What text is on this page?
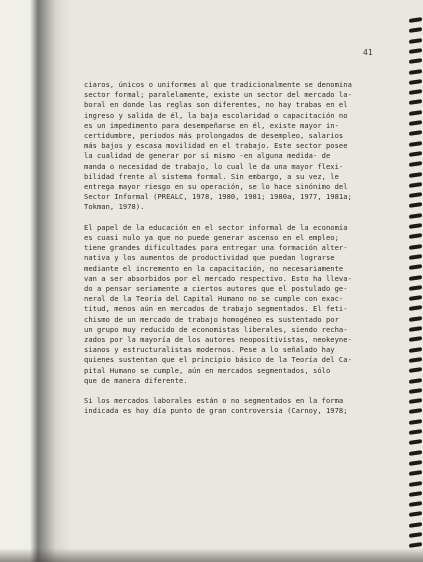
41
ciaros, únicos o uniformes al que tradicionalmente se denomina
sector formal; paralelamente, existe un sector del mercado la-
boral en donde las reglas son diferentes, no hay trabas en el
ingreso y salida de él, la baja escolaridad o capacitación no
es un impedimento para desempeñarse en él, existe mayor in-
certidumbre, períodos más prolongados de desempleo, salarios
más bajos y escasa movilidad en el trabajo. Este sector posee
la cualidad de generar por sí mismo -en alguna medida- de
manda o necesidad de trabajo, lo cual le da una mayor flexi-
bilidad frente al sistema formal. Sin embargo, a su vez, le
entrega mayor riesgo en su operación, se lo hace sinónimo del
Sector Informal (PREALC, 1978, 1980, 1981; 1980a, 1977, 1981a;
Tokman, 1978).
El papel de la educación en el sector informal de la economía
es cuasi nulo ya que no puede generar ascenso en el empleo;
tiene grandes dificultades para entregar una formación alter-
nativa y los aumentos de productividad que puedan lograrse
mediante el incremento en la capacitación, no necesariamente
van a ser absorbidos por el mercado respectivo. Esto ha lleva-
do a pensar seriamente a ciertos autores que el postulado ge-
neral de la Teoría del Capital Humano no se cumple con exac-
titud, menos aún en mercados de trabajo segmentados. El feti-
chismo de un mercado de trabajo homogéneo es sustentado por
un grupo muy reducido de economistas liberales, siendo recha-
zados por la mayoría de los autores neopositivistas, neokeyne-
sianos y estructuralistas modernos. Pese a lo señalado hay
quienes sustentan que el principio básico de la Teoría del Ca-
pital Humano se cumple, aún en mercados segmentados, sólo
que de manera diferente.
Si los mercados laborales están o no segmentados en la forma
indicada es hoy día punto de gran controversia (Carnoy, 1978;
